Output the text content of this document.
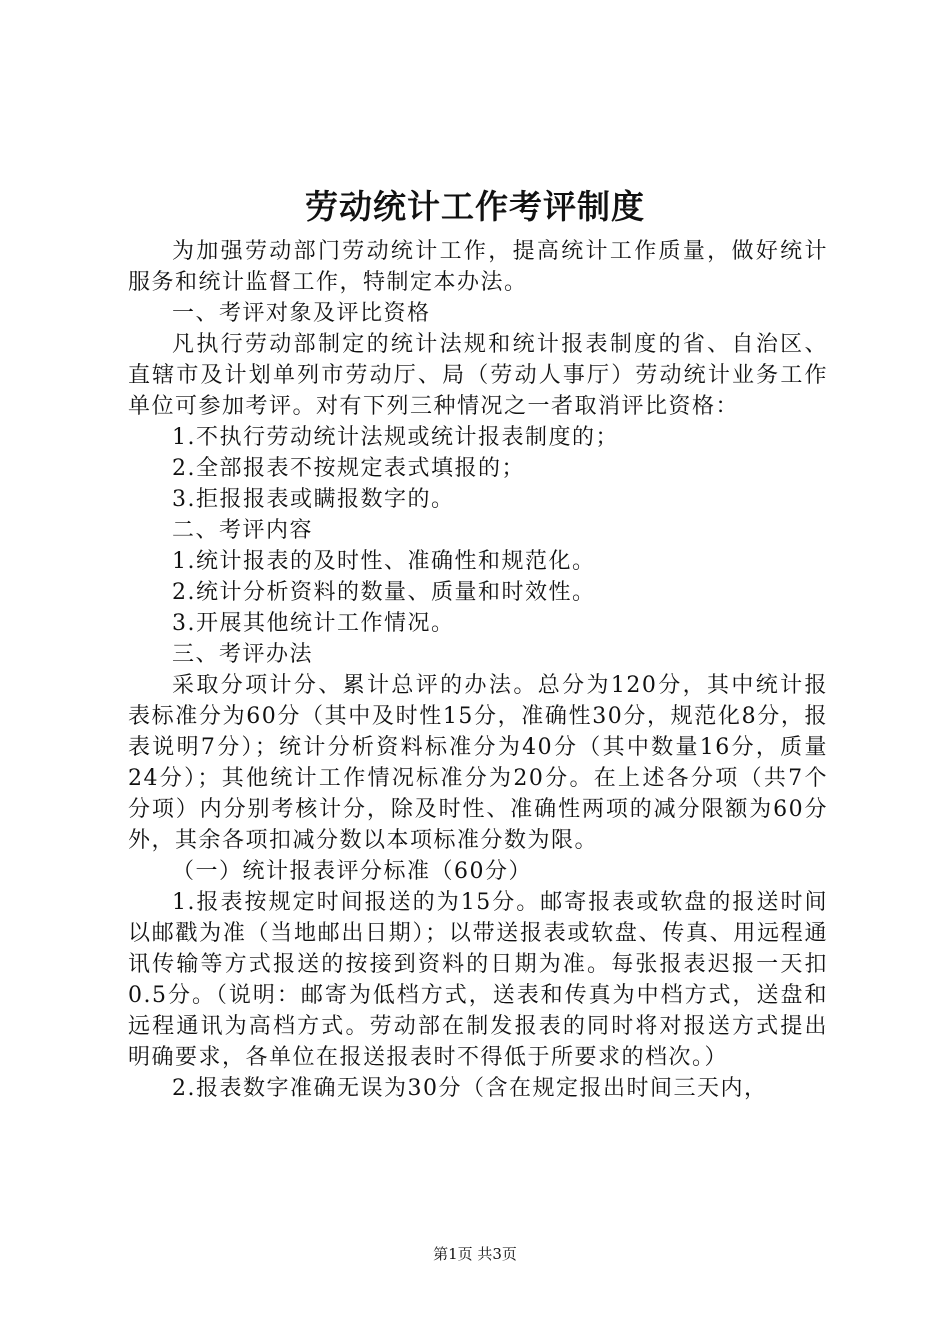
劳动统计工作考评制度

为加强劳动部门劳动统计工作，提高统计工作质量，做好统计服务和统计监督工作，特制定本办法。

一、考评对象及评比资格

凡执行劳动部制定的统计法规和统计报表制度的省、自治区、直辖市及计划单列市劳动厅、局（劳动人事厅）劳动统计业务工作单位可参加考评。对有下列三种情况之一者取消评比资格：

1.不执行劳动统计法规或统计报表制度的；

2.全部报表不按规定表式填报的；

3.拒报报表或瞒报数字的。

二、考评内容

1.统计报表的及时性、准确性和规范化。

2.统计分析资料的数量、质量和时效性。

3.开展其他统计工作情况。

三、考评办法

采取分项计分、累计总评的办法。总分为120分，其中统计报表标准分为60分（其中及时性15分，准确性30分，规范化8分，报表说明7分）；统计分析资料标准分为40分（其中数量16分，质量24分）；其他统计工作情况标准分为20分。在上述各分项（共7个分项）内分别考核计分，除及时性、准确性两项的减分限额为60分外，其余各项扣减分数以本项标准分数为限。

（一）统计报表评分标准（60分）

1.报表按规定时间报送的为15分。邮寄报表或软盘的报送时间以邮戳为准（当地邮出日期）；以带送报表或软盘、传真、用远程通讯传输等方式报送的按接到资料的日期为准。每张报表迟报一天扣0.5分。（说明：邮寄为低档方式，送表和传真为中档方式，送盘和远程通讯为高档方式。劳动部在制发报表的同时将对报送方式提出明确要求，各单位在报送报表时不得低于所要求的档次。）

2.报表数字准确无误为30分（含在规定报出时间三天内，

第1页 共3页
